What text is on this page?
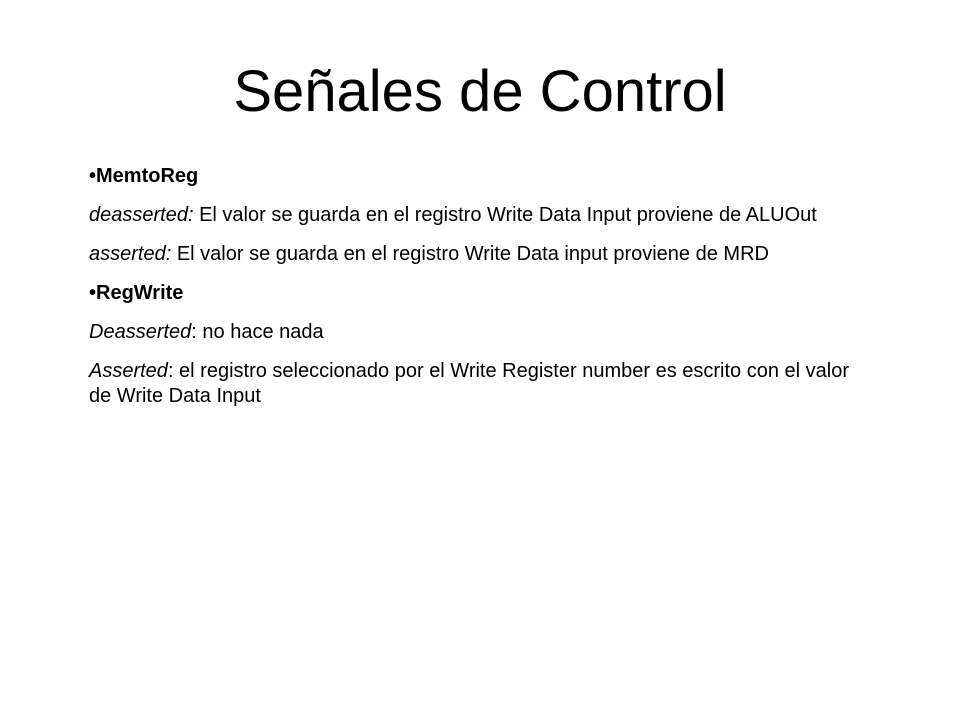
Señales de Control

•MemtoReg

deasserted: El valor se guarda en el registro Write Data Input proviene de ALUOut

asserted: El valor se guarda en el registro Write Data input proviene de MRD

•RegWrite

Deasserted: no hace nada

Asserted: el registro seleccionado por el Write Register number es escrito con el valor de Write Data Input
